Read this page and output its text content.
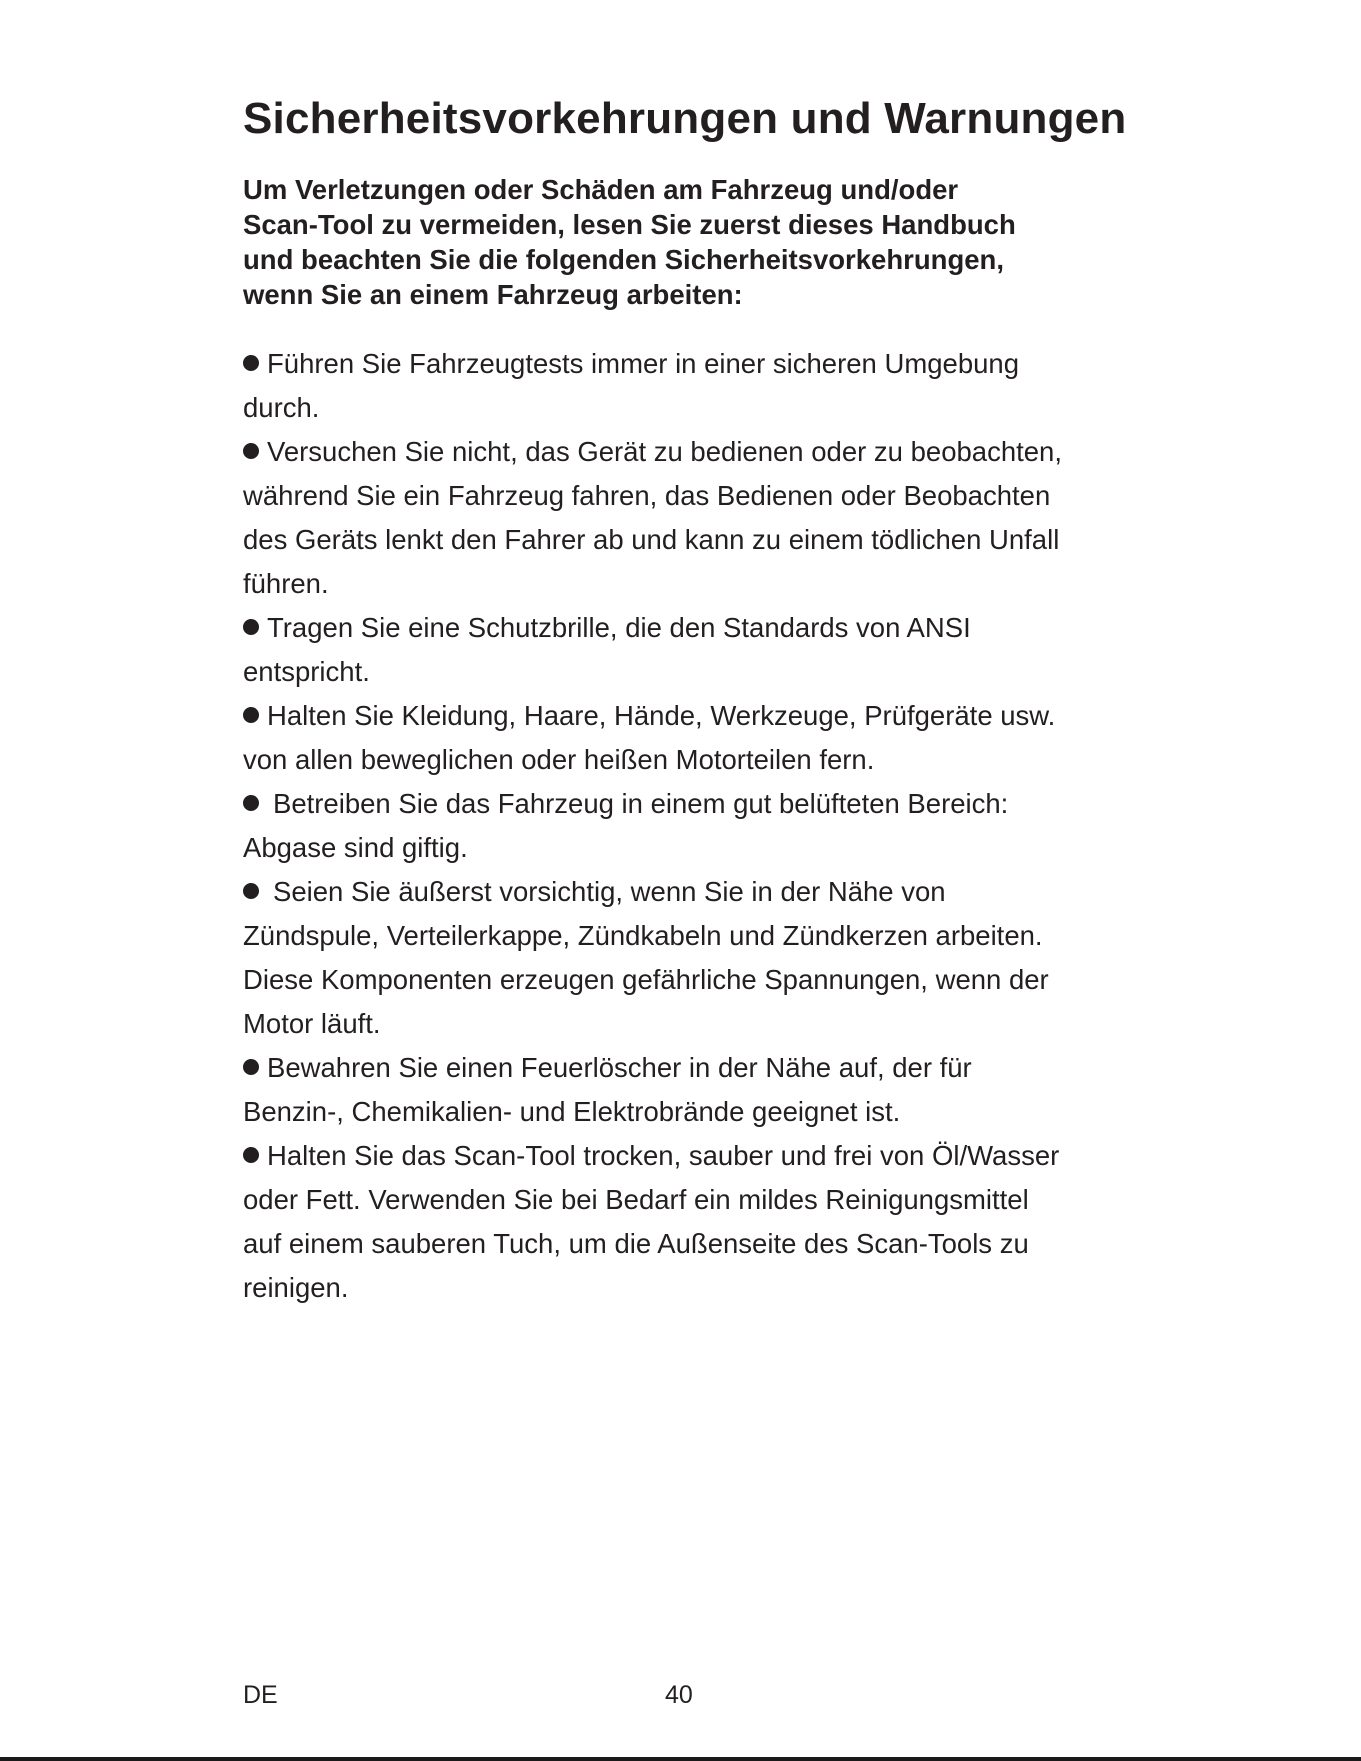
Sicherheitsvorkehrungen und Warnungen

Um Verletzungen oder Schäden am Fahrzeug und/oder
Scan-Tool zu vermeiden, lesen Sie zuerst dieses Handbuch
und beachten Sie die folgenden Sicherheitsvorkehrungen,
wenn Sie an einem Fahrzeug arbeiten:

Führen Sie Fahrzeugtests immer in einer sicheren Umgebung
durch.
Versuchen Sie nicht, das Gerät zu bedienen oder zu beobachten,
während Sie ein Fahrzeug fahren, das Bedienen oder Beobachten
des Geräts lenkt den Fahrer ab und kann zu einem tödlichen Unfall
führen.
Tragen Sie eine Schutzbrille, die den Standards von ANSI
entspricht.
Halten Sie Kleidung, Haare, Hände, Werkzeuge, Prüfgeräte usw.
von allen beweglichen oder heißen Motorteilen fern.
Betreiben Sie das Fahrzeug in einem gut belüfteten Bereich:
Abgase sind giftig.
Seien Sie äußerst vorsichtig, wenn Sie in der Nähe von
Zündspule, Verteilerkappe, Zündkabeln und Zündkerzen arbeiten.
Diese Komponenten erzeugen gefährliche Spannungen, wenn der
Motor läuft.
Bewahren Sie einen Feuerlöscher in der Nähe auf, der für
Benzin-, Chemikalien- und Elektrobrände geeignet ist.
Halten Sie das Scan-Tool trocken, sauber und frei von Öl/Wasser
oder Fett. Verwenden Sie bei Bedarf ein mildes Reinigungsmittel
auf einem sauberen Tuch, um die Außenseite des Scan-Tools zu
reinigen.
DE	40
